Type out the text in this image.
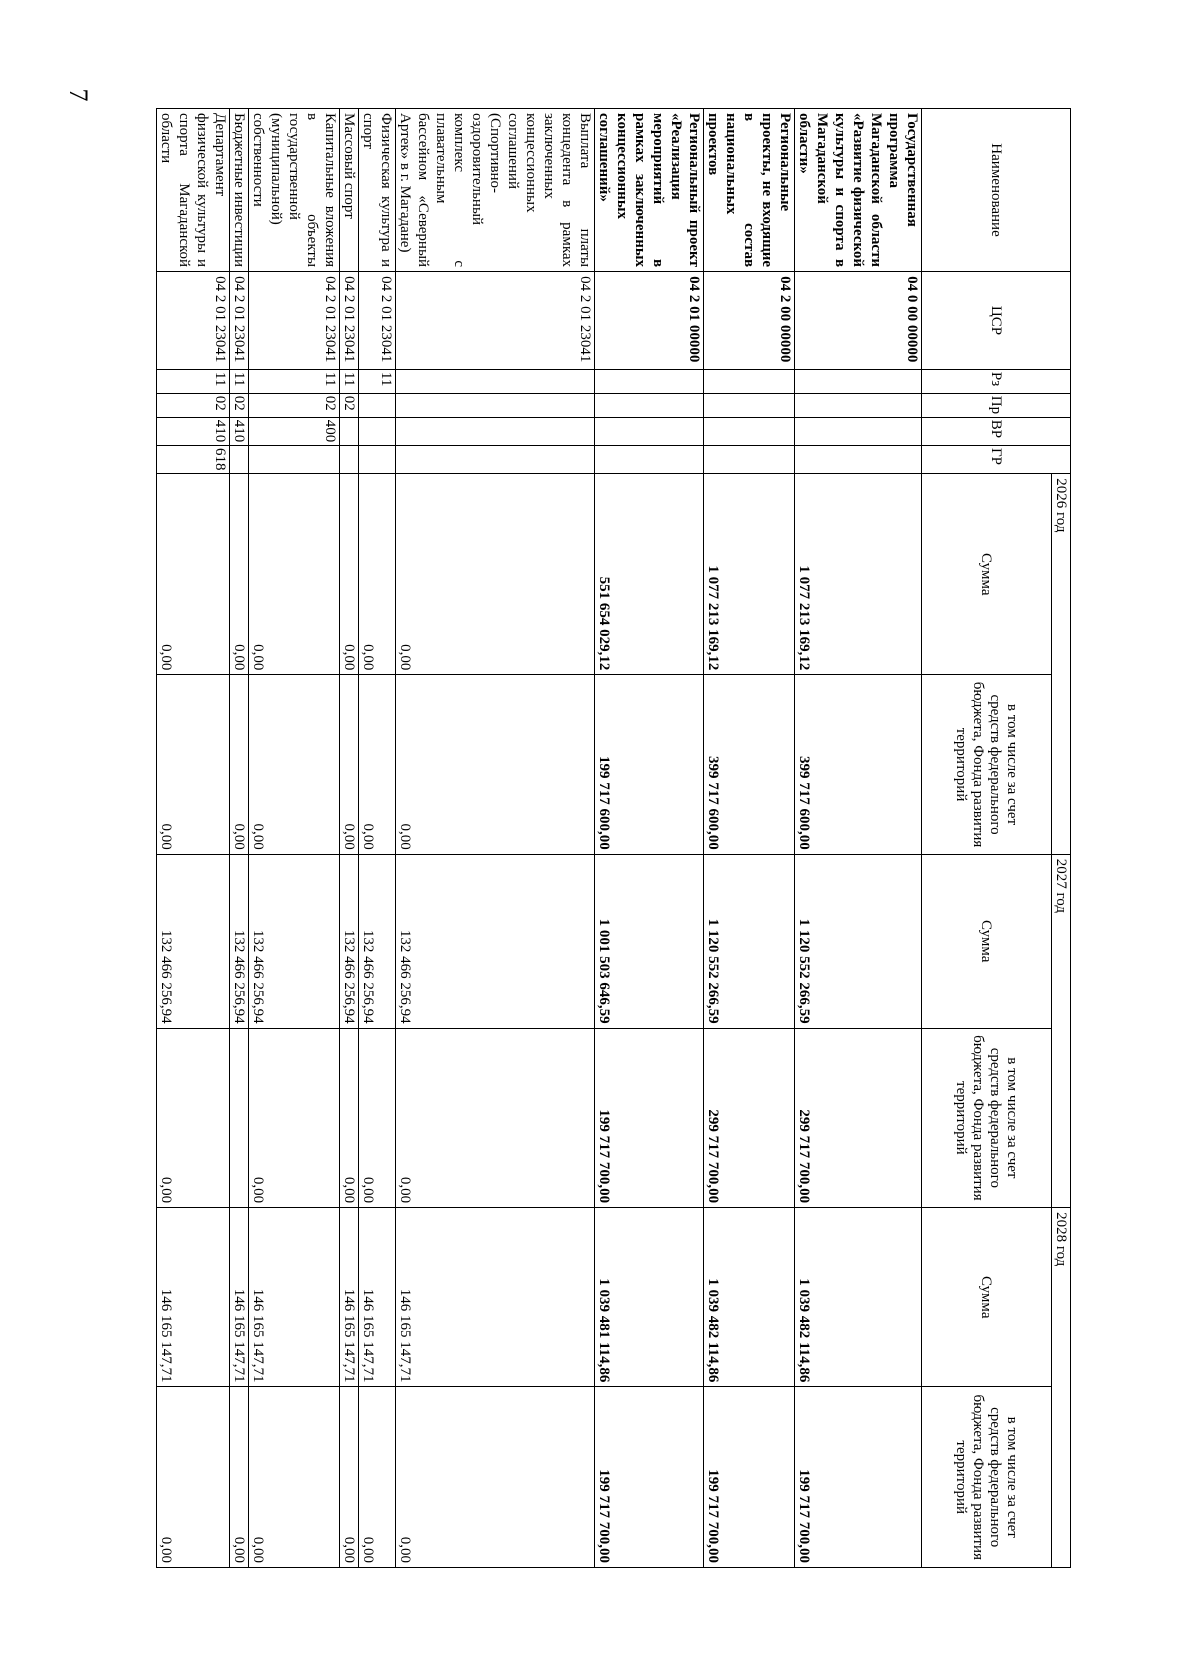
7
Наименование	ЦСР	Рз	Пр	ВР	ГР	2026 год		2027 год		2028 год	
						Сумма	в том числе за счет средств федерального бюджета, Фонда развития территорий	Сумма	в том числе за счет средств федерального бюджета, Фонда развития территорий	Сумма	в том числе за счет средств федерального бюджета, Фонда развития территорий
Государственная программа Магаданской области «Развитие физической культуры и спорта в Магаданской области»	04 0 00 00000					1 077 213 169,12	399 717 600,00	1 120 552 266,59	299 717 700,00	1 039 482 114,86	199 717 700,00
Региональные проекты, не входящие в состав национальных проектов	04 2 00 00000					1 077 213 169,12	399 717 600,00	1 120 552 266,59	299 717 700,00	1 039 482 114,86	199 717 700,00
Региональный проект «Реализация мероприятий в рамках заключенных концессионных соглашений»	04 2 01 00000					551 654 029,12	199 717 600,00	1 001 503 646,59	199 717 700,00	1 039 481 114,86	199 717 700,00
Выплата платы концедента в рамках заключенных концессионных соглашений (Спортивно-оздоровительный комплекс с плавательным бассейном «Северный Артек» в г. Магадане)	04 2 01 23041					0,00	0,00	132 466 256,94	0,00	146 165 147,71	0,00
Физическая культура и спорт	04 2 01 23041	11				0,00	0,00	132 466 256,94	0,00	146 165 147,71	0,00
Массовый спорт	04 2 01 23041	11	02			0,00	0,00	132 466 256,94	0,00	146 165 147,71	0,00
Капитальные вложения в объекты государственной (муниципальной) собственности	04 2 01 23041	11	02	400		0,00	0,00	132 466 256,94	0,00	146 165 147,71	0,00
Бюджетные инвестиции	04 2 01 23041	11	02	410		0,00	0,00	132 466 256,94		146 165 147,71	0,00
Департамент физической культуры и спорта Магаданской области	04 2 01 23041	11	02	410	618	0,00	0,00	132 466 256,94	0,00	146 165 147,71	0,00
